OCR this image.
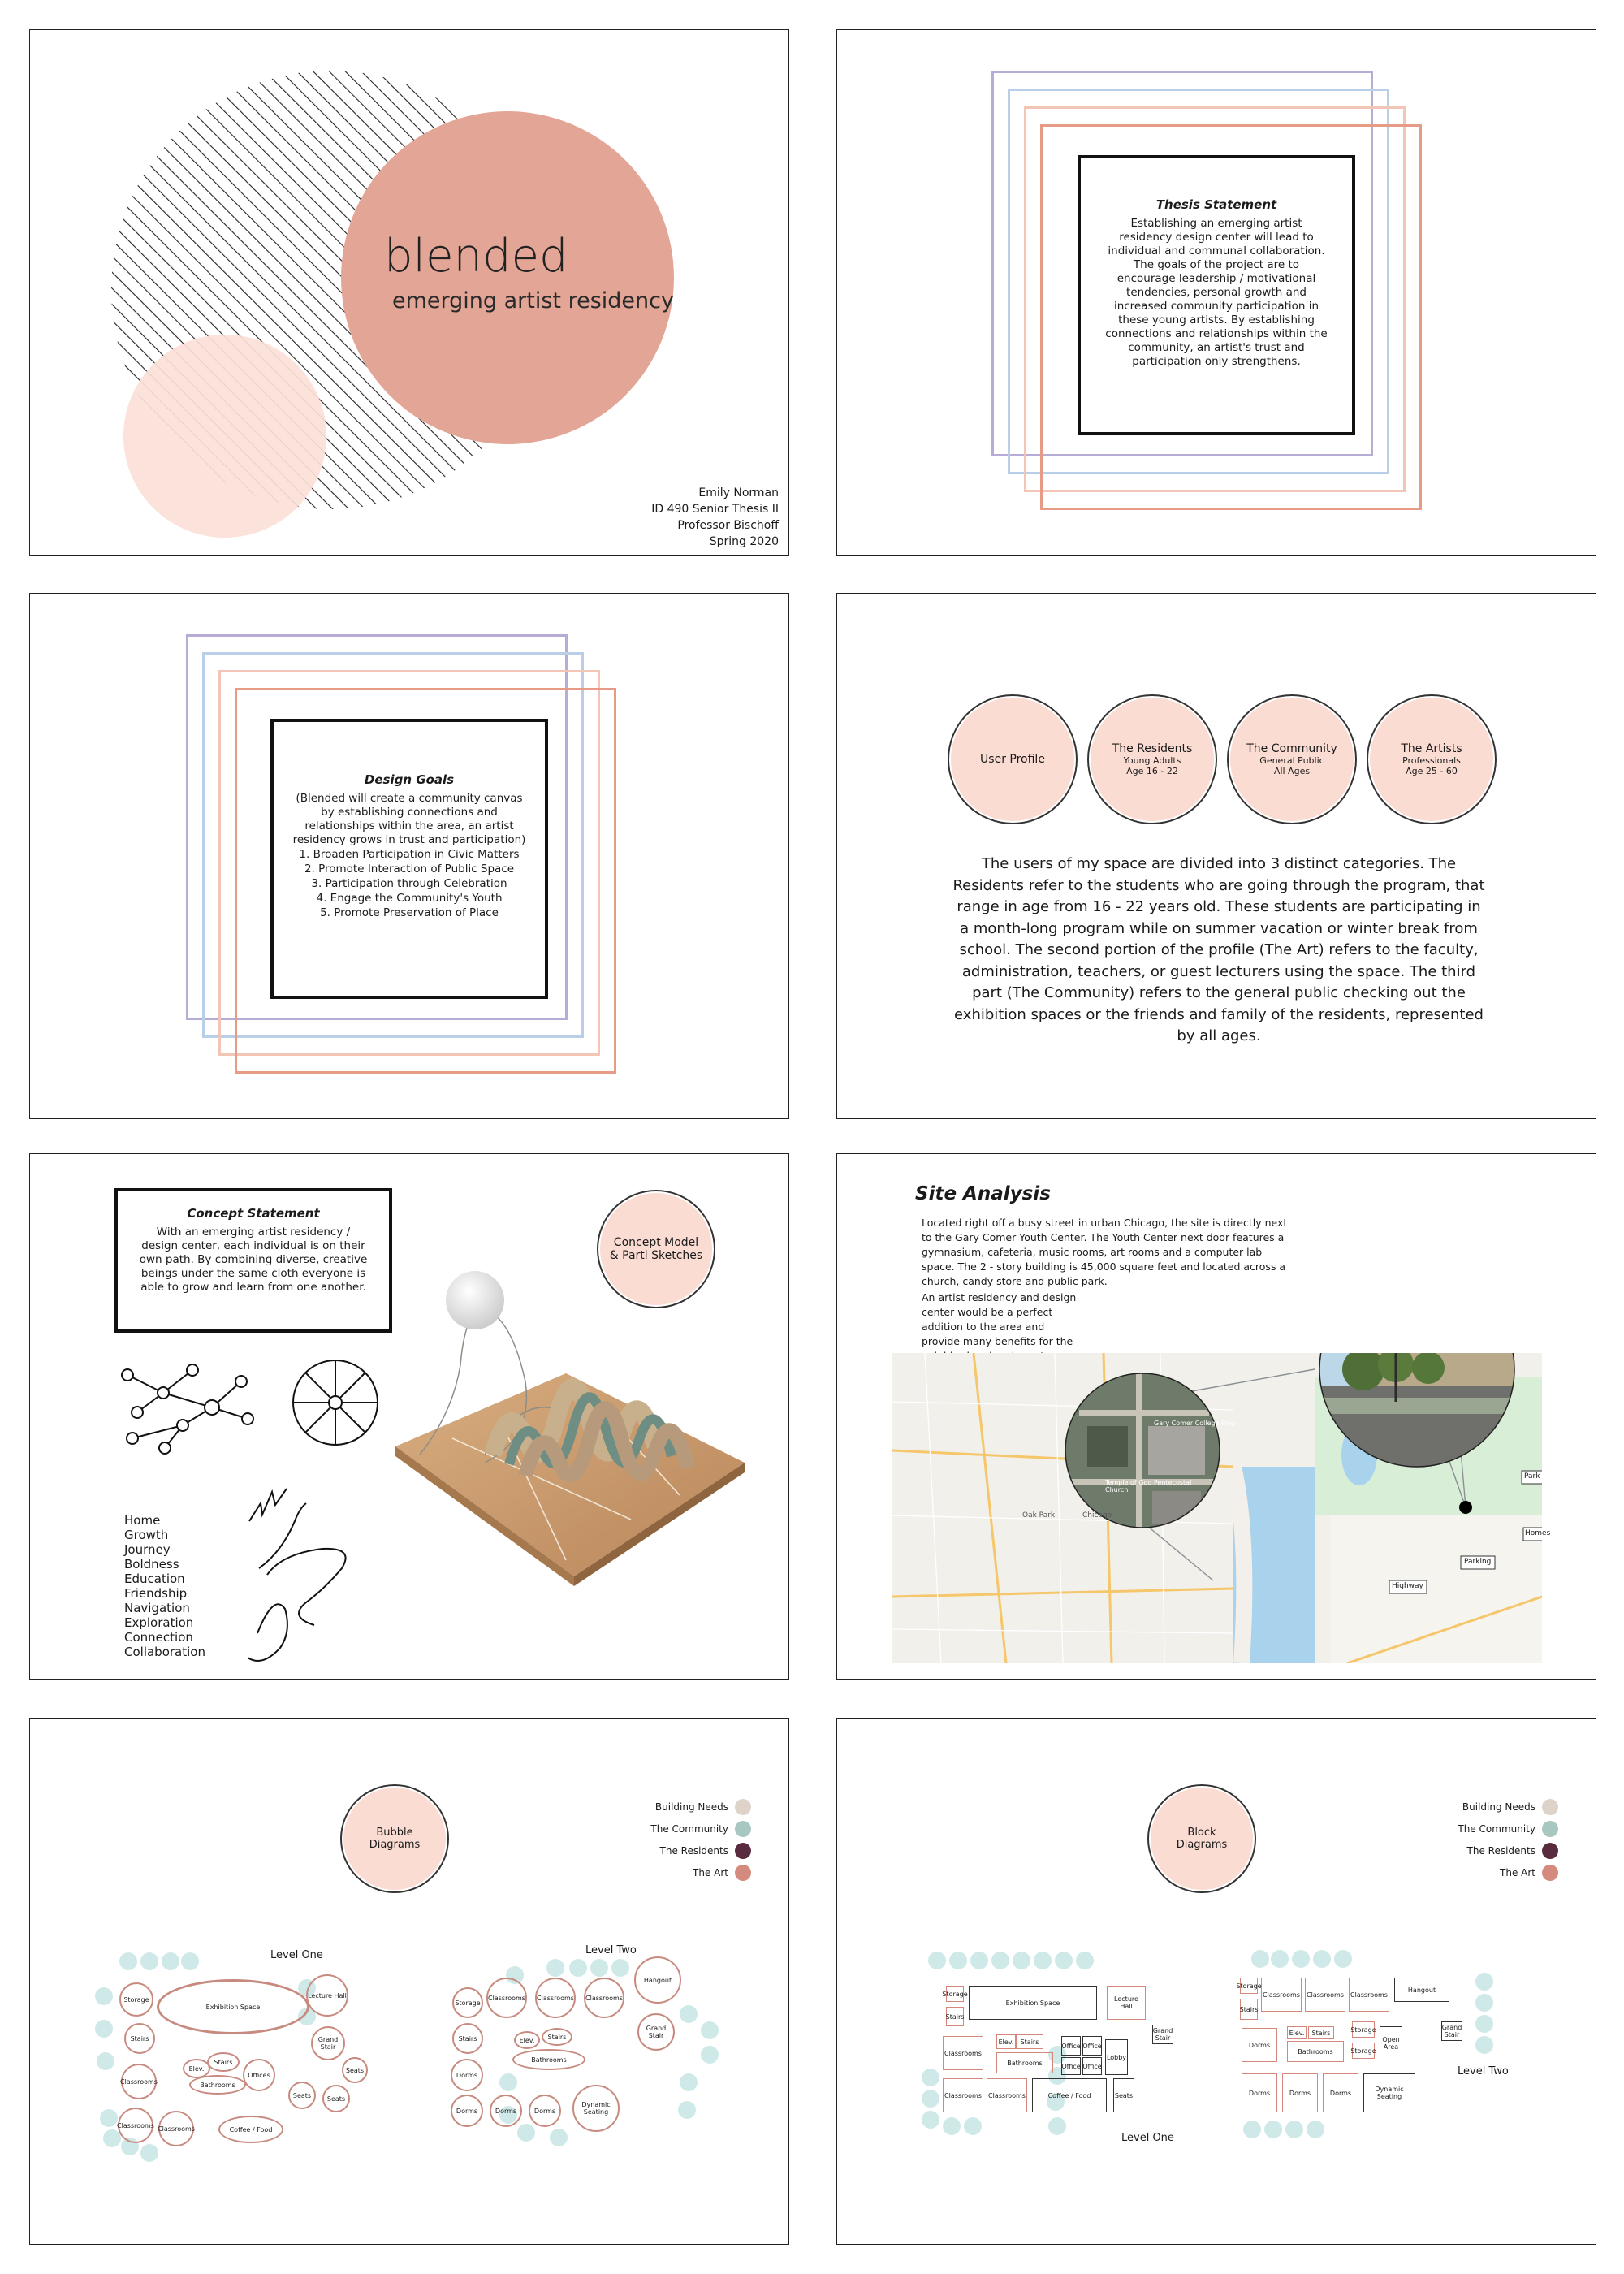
blended
emerging artist residency
Emily Norman
ID 490 Senior Thesis II
Professor Bischoff
Spring 2020
Thesis Statement
Establishing an emerging artist residency design center will lead to individual and communal collaboration. The goals of the project are to encourage leadership / motivational tendencies, personal growth and increased community participation in these young artists. By establishing connections and relationships within the community, an artist's trust and participation only strengthens.
Design Goals
(Blended will create a community canvas by establishing connections and relationships within the area, an artist residency grows in trust and participation)
1. Broaden Participation in Civic Matters
2. Promote Interaction of Public Space
3. Participation through Celebration
4. Engage the Community's Youth
5. Promote Preservation of Place
User Profile
The Residents
Young Adults
Age 16 - 22
The Community
General Public
All Ages
The Artists
Professionals
Age 25 - 60
The users of my space are divided into 3 distinct categories. The Residents refer to the students who are going through the program, that range in age from 16 - 22 years old. These students are participating in a month-long program while on summer vacation or winter break from school. The second portion of the profile (The Art) refers to the faculty, administration, teachers, or guest lecturers using the space. The third part (The Community) refers to the general public checking out the exhibition spaces or the friends and family of the residents, represented by all ages.
Concept Statement
With an emerging artist residency / design center, each individual is on their own path. By combining diverse, creative beings under the same cloth everyone is able to grow and learn from one another.
Concept Model
& Parti Sketches
Home
Growth
Journey
Boldness
Education
Friendship
Navigation
Exploration
Connection
Collaboration
Site Analysis
Located right off a busy street in urban Chicago, the site is directly next to the Gary Comer Youth Center. The Youth Center next door features a gymnasium, cafeteria, music rooms, art rooms and a computer lab space. The 2 - story building is 45,000 square feet and located across a church, candy store and public park.
An artist residency and design center would be a perfect addition to the area and provide many benefits for the
Park
Homes
Parking
Highway
Chicago
Oak Park
Gary Comer College Prep
Temple of God Pentecostal Church
Bubble
Diagrams
Building Needs
The Community
The Residents
The Art
Level One	Level Two
Storage
Exhibition Space
Lecture Hall
Stairs
Elev.
Stairs
Offices
Bathrooms
Grand Stair
Classrooms
Seats	Seats
Seats
Classrooms Classrooms	Coffee / Food
Storage
Classrooms Classrooms Classrooms
Hangout
Stairs	Elev.	Stairs
Grand Stair
Bathrooms
Dorms
Dorms	Dorms	Dorms
Dynamic Seating
Block
Diagrams
Building Needs
The Community
The Residents
The Art
Level One
Level Two
Storage
Exhibition Space	Lecture Hall
Stairs
Elev.	Stairs
Office Office
Classrooms
Bathrooms	Office Office
Lobby
Grand Stair
Classrooms Classrooms	Coffee / Food	Seats
Storage
Classrooms Classrooms Classrooms
Hangout
Stairs
Elev.	Stairs	Storage
Open Area
Grand Stair
Dorms
Bathrooms	Storage
Dorms	Dorms	Dorms	Dynamic Seating
